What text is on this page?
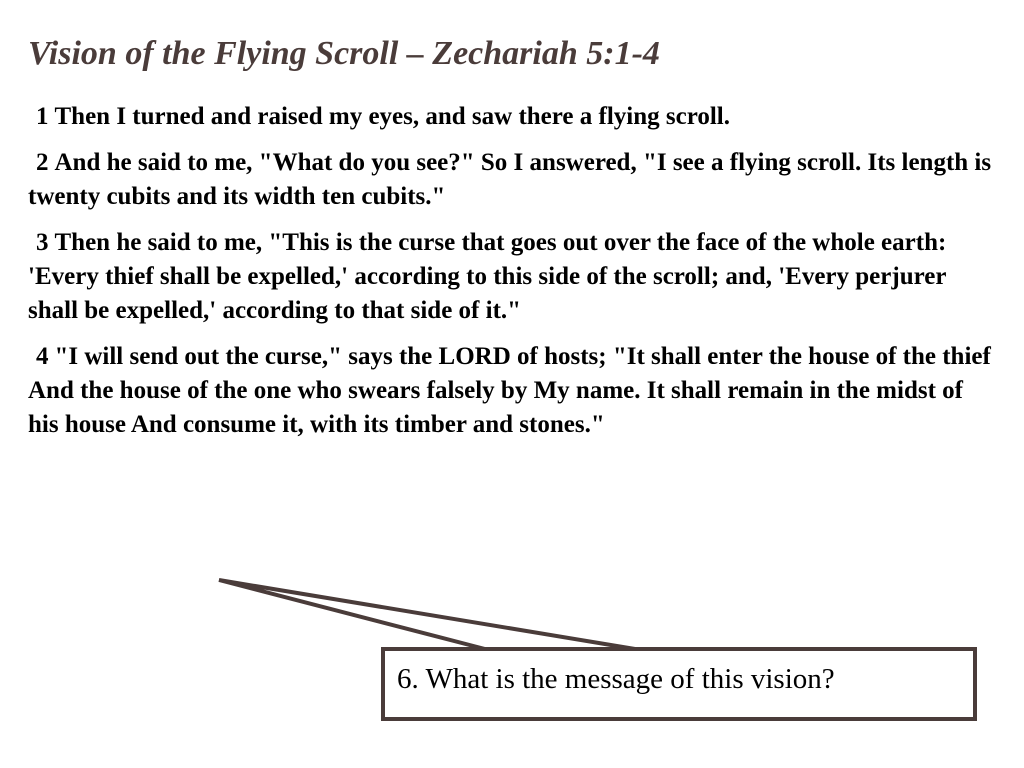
Vision of the Flying Scroll – Zechariah 5:1-4

1 Then I turned and raised my eyes, and saw there a flying scroll.

2 And he said to me, "What do you see?" So I answered, "I see a flying scroll. Its length is twenty cubits and its width ten cubits."

3 Then he said to me, "This is the curse that goes out over the face of the whole earth: 'Every thief shall be expelled,' according to this side of the scroll; and, 'Every perjurer shall be expelled,' according to that side of it."

4 "I will send out the curse," says the LORD of hosts; "It shall enter the house of the thief And the house of the one who swears falsely by My name. It shall remain in the midst of his house And consume it, with its timber and stones."

6. What is the message of this vision?
